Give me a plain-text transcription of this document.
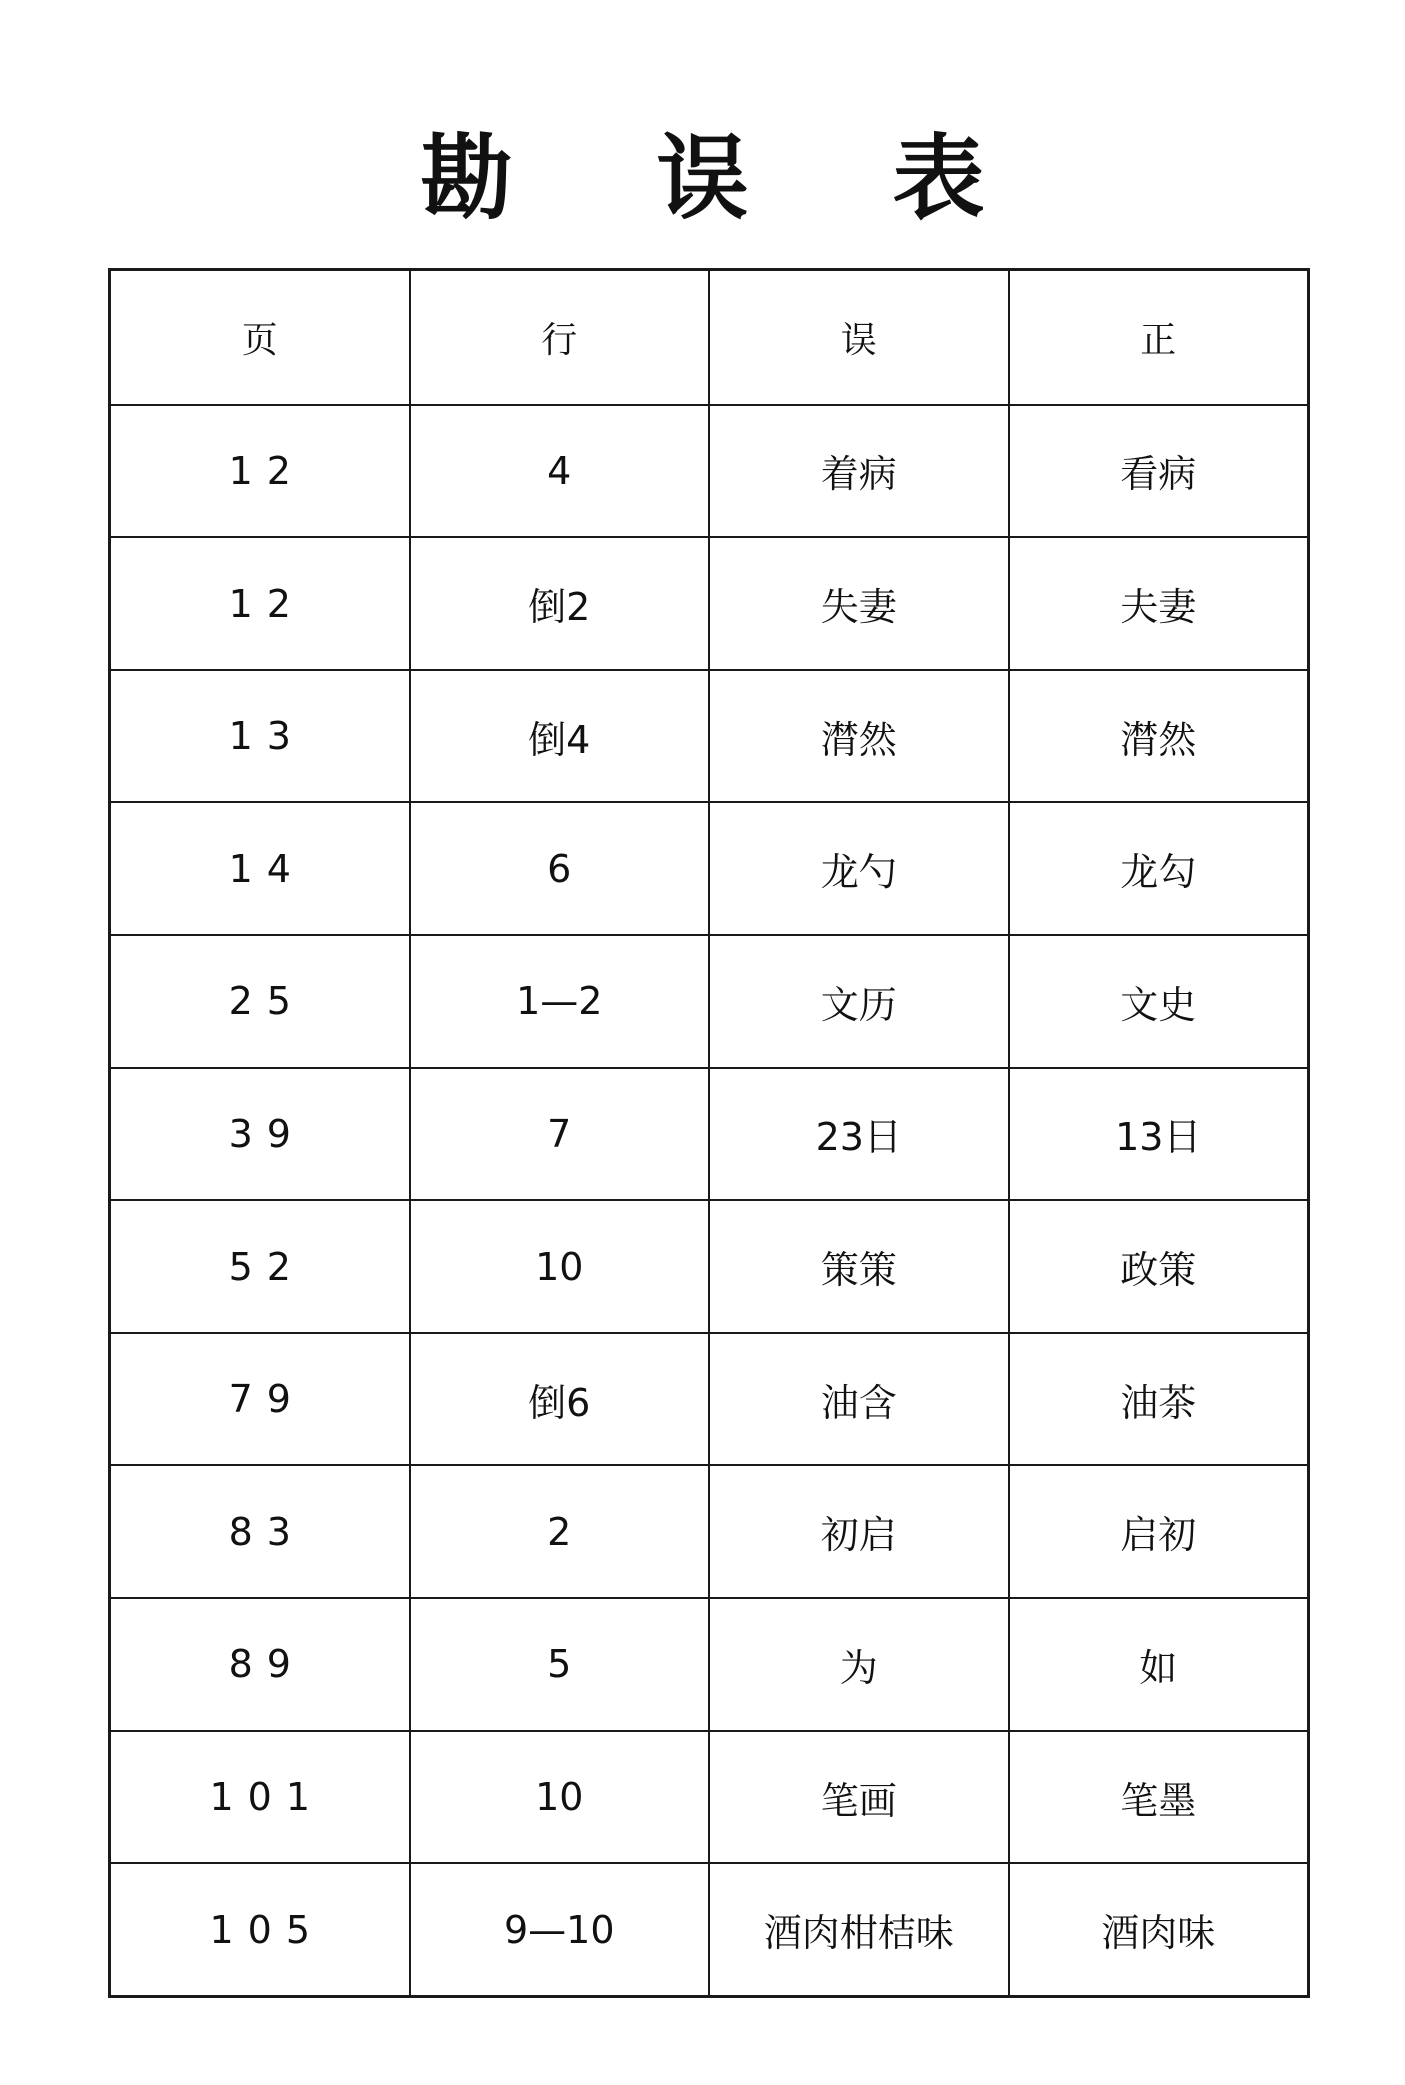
勘 误 表
页	行	误	正
12	4	着病	看病
12	倒2	失妻	夫妻
13	倒4	潸然	潸然
14	6	龙勺	龙勾
25	1—2	文历	文史
39	7	23日	13日
52	10	策策	政策
79	倒6	油含	油茶
83	2	初启	启初
89	5	为	如
101	10	笔画	笔墨
105	9—10	酒肉柑桔味	酒肉味
